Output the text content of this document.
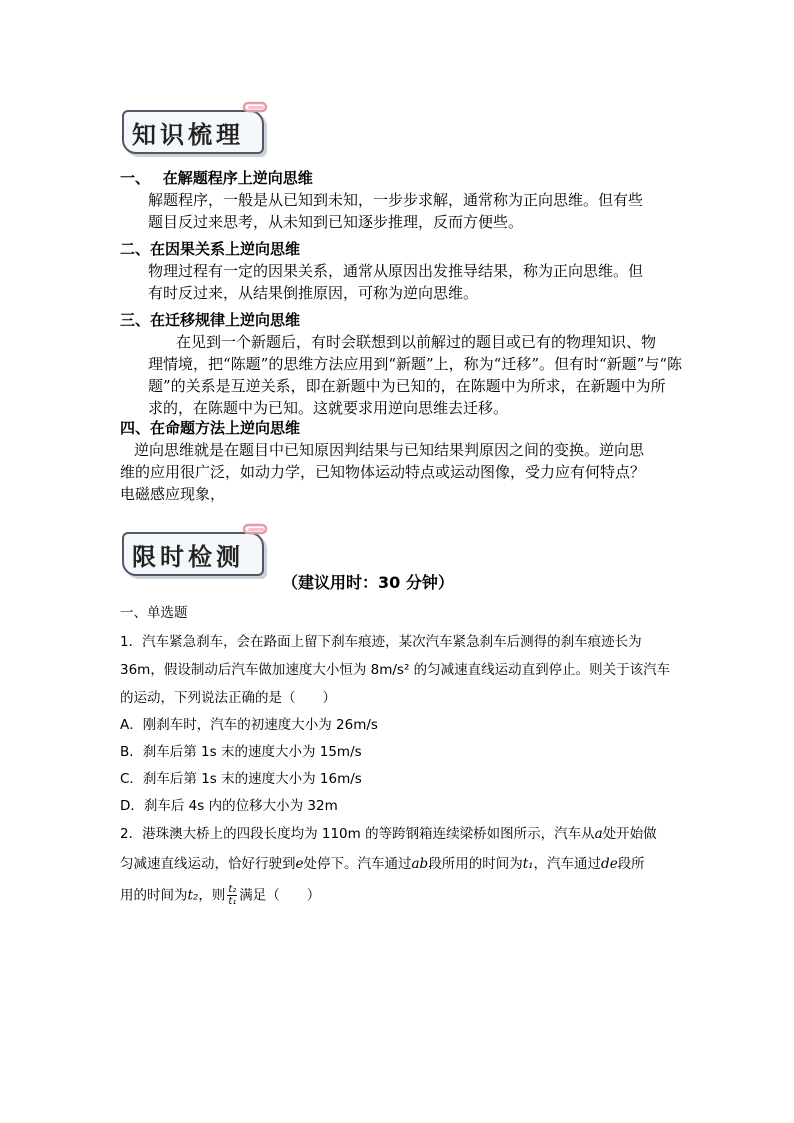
知识梳理
一、　 在解题程序上逆向思维
解题程序，一般是从已知到未知，一步步求解，通常称为正向思维。但有些
题目反过来思考，从未知到已知逐步推理，反而方便些。
二、在因果关系上逆向思维
物理过程有一定的因果关系，通常从原因出发推导结果，称为正向思维。但
有时反过来，从结果倒推原因，可称为逆向思维。
三、在迁移规律上逆向思维
在见到一个新题后，有时会联想到以前解过的题目或已有的物理知识、物
理情境，把“陈题”的思维方法应用到“新题”上，称为“迁移”。但有时“新题”与“陈
题”的关系是互逆关系，即在新题中为已知的，在陈题中为所求，在新题中为所
求的，在陈题中为已知。这就要求用逆向思维去迁移。
四、在命题方法上逆向思维
逆向思维就是在题目中已知原因判结果与已知结果判原因之间的变换。逆向思
维的应用很广泛，如动力学，已知物体运动特点或运动图像，受力应有何特点？
电磁感应现象，
限时检测
（建议用时：30 分钟）
一、单选题
1．汽车紧急刹车，会在路面上留下刹车痕迹，某次汽车紧急刹车后测得的刹车痕迹长为
36m，假设制动后汽车做加速度大小恒为 8m/s² 的匀减速直线运动直到停止。则关于该汽车
的运动，下列说法正确的是（　　）
A．刚刹车时，汽车的初速度大小为 26m/s
B．刹车后第 1s 末的速度大小为 15m/s
C．刹车后第 1s 末的速度大小为 16m/s
D．刹车后 4s 内的位移大小为 32m
2．港珠澳大桥上的四段长度均为 110m 的等跨钢箱连续梁桥如图所示，汽车从a处开始做
匀减速直线运动，恰好行驶到e处停下。汽车通过ab段所用的时间为t₁，汽车通过de段所
用的时间为t₂，则 $\frac{\text{t₂}}{\text{t₁}}$ 满足（　　）
